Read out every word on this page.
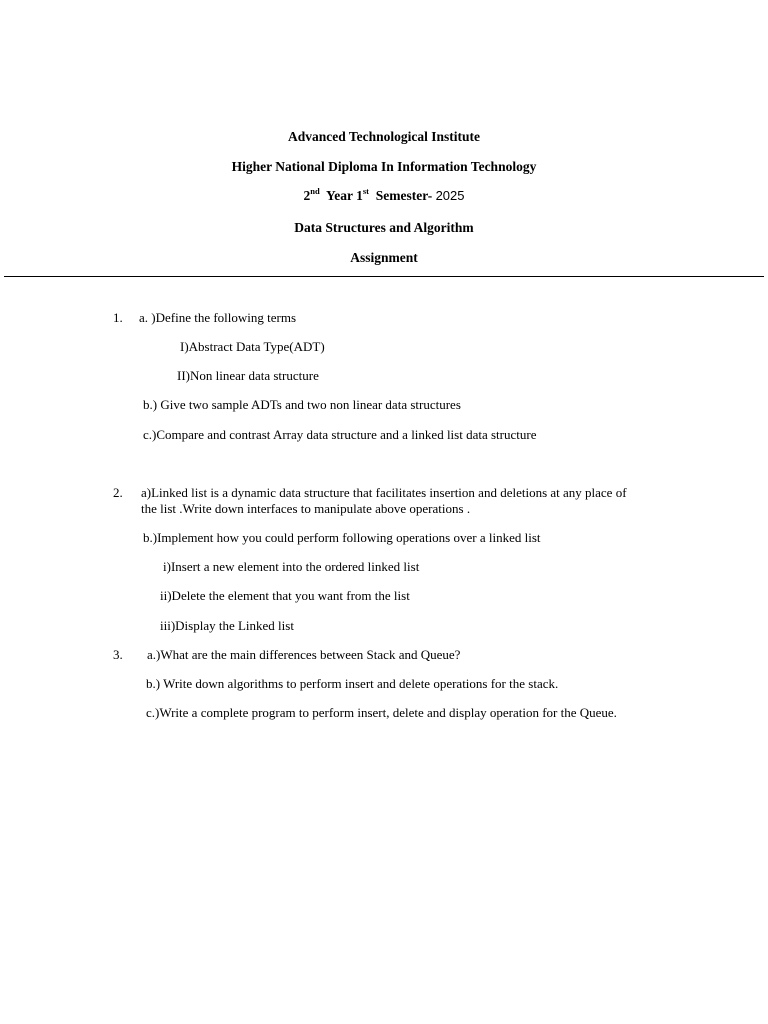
Advanced Technological Institute
Higher National Diploma In Information Technology
2nd Year 1st Semester- 2025
Data Structures and Algorithm
Assignment
1. a. )Define the following terms
I)Abstract Data Type(ADT)
II)Non linear data structure
b.) Give two sample ADTs and two non linear data structures
c.)Compare and contrast Array data structure and a linked list data structure
2. a)Linked list is a dynamic data structure that facilitates insertion and deletions at any place of
the list .Write down interfaces to manipulate above operations .
b.)Implement how you could perform following operations over a linked list
i)Insert a new element into the ordered linked list
ii)Delete the element that you want from the list
iii)Display the Linked list
3. a.)What are the main differences between Stack and Queue?
b.) Write down algorithms to perform insert and delete operations for the stack.
c.)Write a complete program to perform insert, delete and display operation for the Queue.
